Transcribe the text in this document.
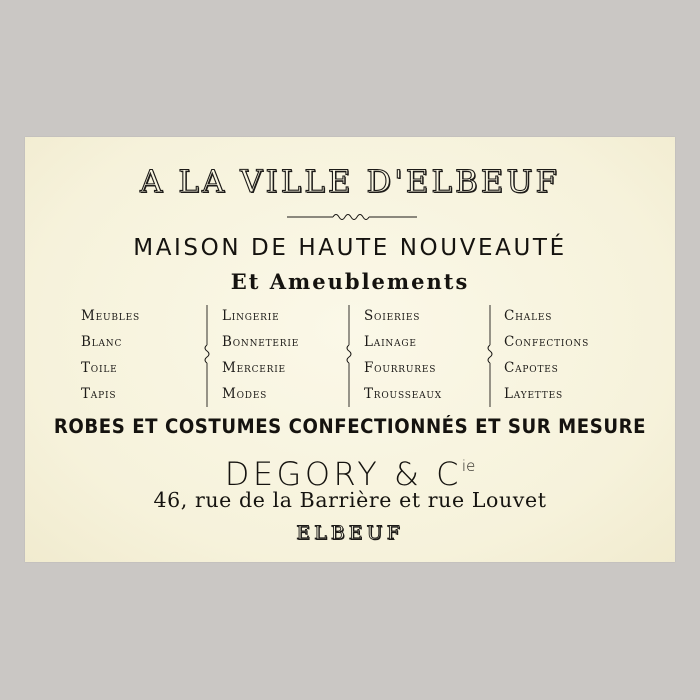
A LA VILLE D'ELBEUF
MAISON DE HAUTE NOUVEAUTÉ
Et Ameublements
Meubles
Blanc
Toile
Tapis
Lingerie
Bonneterie
Mercerie
Modes
Soieries
Lainage
Fourrures
Trousseaux
Chales
Confections
Capotes
Layettes
ROBES ET COSTUMES CONFECTIONNÉS ET SUR MESURE
DEGORY & $C^{ie}$
46, rue de la Barrière et rue Louvet
ELBEUF
